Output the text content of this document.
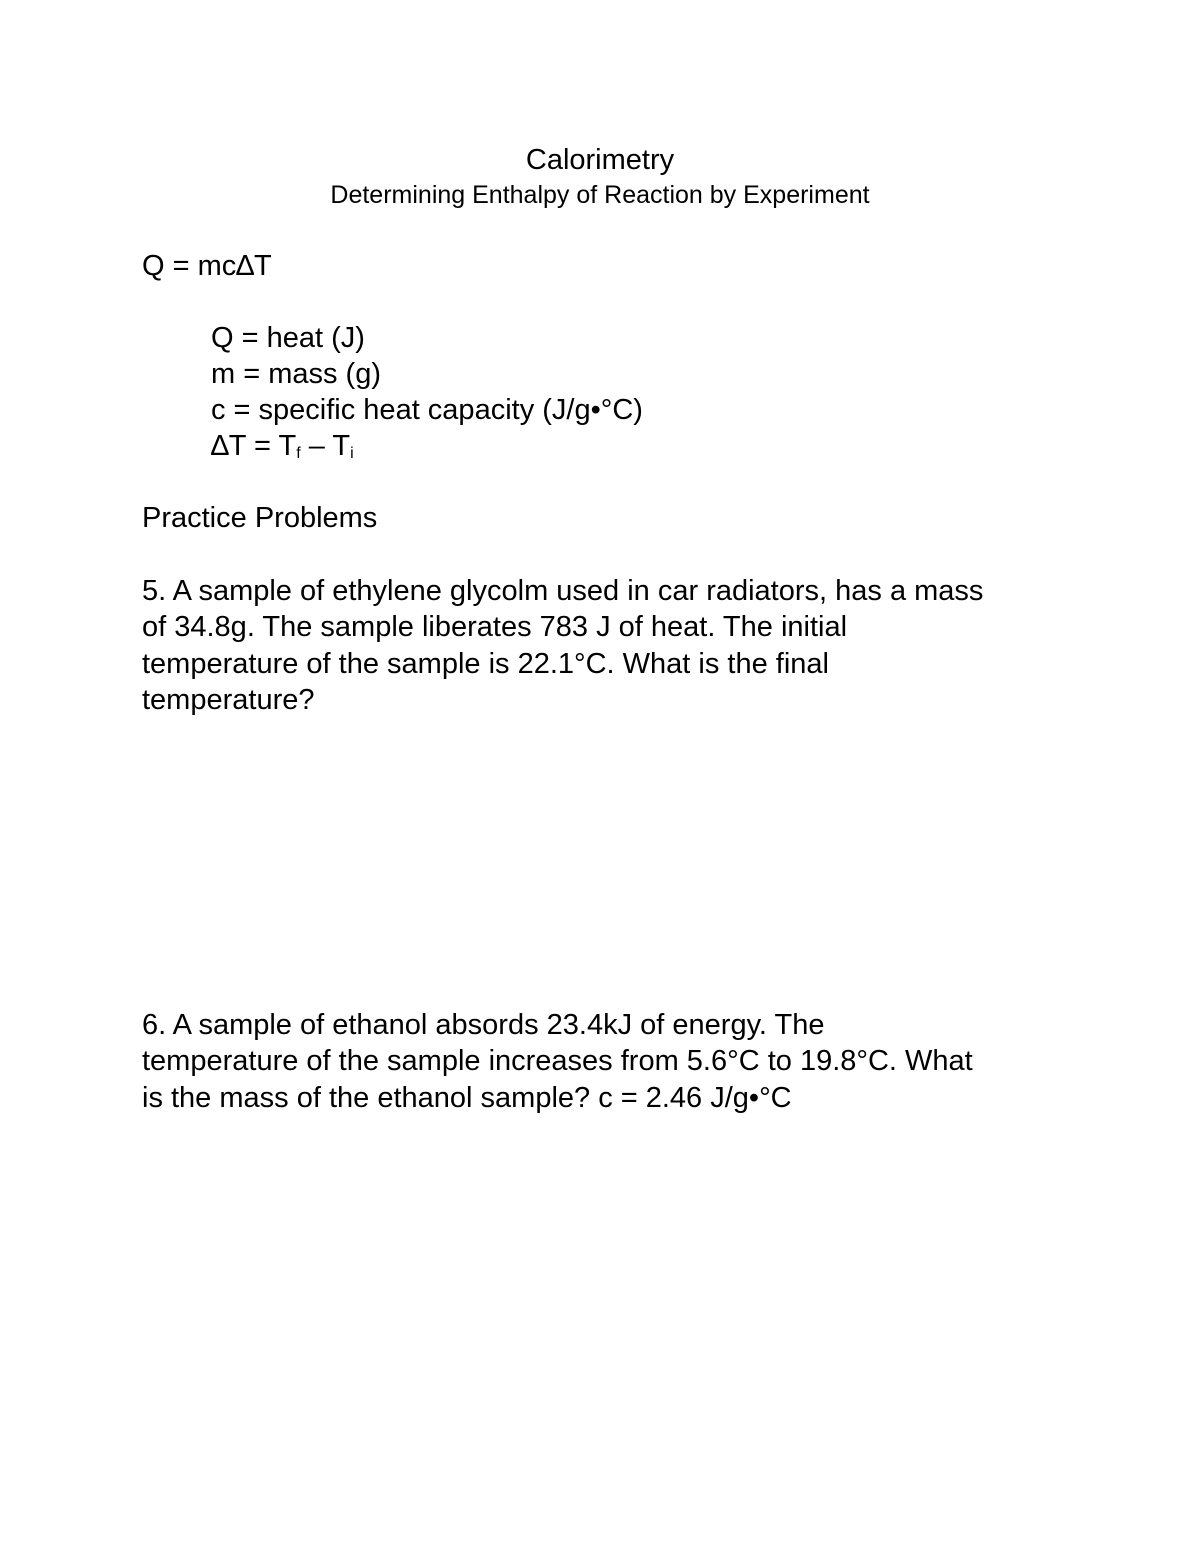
Calorimetry
Determining Enthalpy of Reaction by Experiment
Q = mc∆T
Q = heat (J)
m = mass (g)
c = specific heat capacity (J/g•°C)
$\Delta T = T_f - T_i$
Practice Problems
5. A sample of ethylene glycolm used in car radiators, has a mass
of 34.8g. The sample liberates 783 J of heat. The initial
temperature of the sample is 22.1°C. What is the final
temperature?
6. A sample of ethanol absords 23.4kJ of energy. The
temperature of the sample increases from 5.6°C to 19.8°C. What
is the mass of the ethanol sample? c = 2.46 J/g•°C
